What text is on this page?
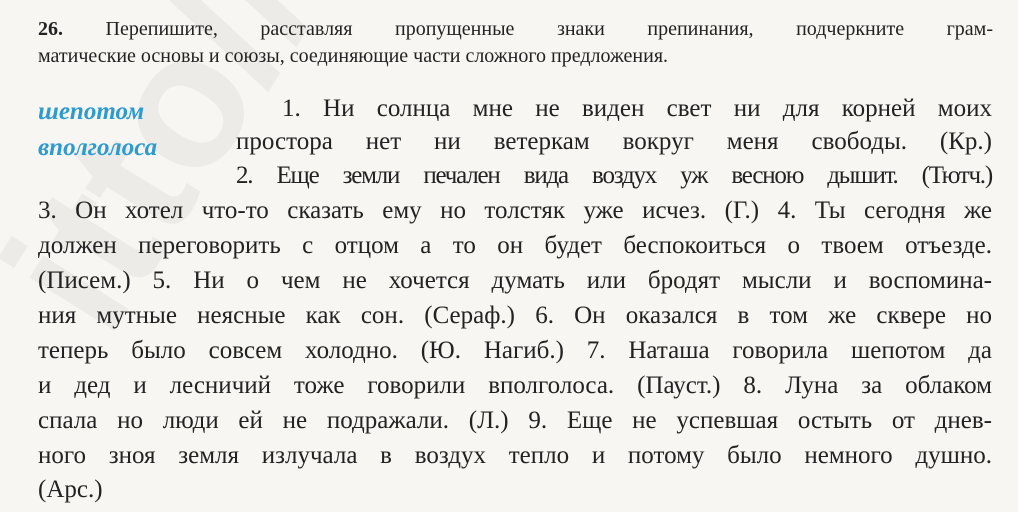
26. Перепишите, расставляя пропущенные знаки препинания, подчеркните грам-
матические основы и союзы, соединяющие части сложного предложения.
шепотом
вполголоса
1. Ни солнца мне не виден свет ни для корней моих
простора нет ни ветеркам вокруг меня свободы. (Кр.)
2. Еще земли печален вида воздух уж весною дышит. (Тютч.)
3. Он хотел что-то сказать ему но толстяк уже исчез. (Г.) 4. Ты сегодня же
должен переговорить с отцом а то он будет беспокоиться о твоем отъезде.
(Писем.) 5. Ни о чем не хочется думать или бродят мысли и воспомина-
ния мутные неясные как сон. (Сераф.) 6. Он оказался в том же сквере но
теперь было совсем холодно. (Ю. Нагиб.) 7. Наташа говорила шепотом да
и дед и лесничий тоже говорили вполголоса. (Пауст.) 8. Луна за облаком
спала но люди ей не подражали. (Л.) 9. Еще не успевшая остыть от днев-
ного зноя земля излучала в воздух тепло и потому было немного душно.
(Арс.)
